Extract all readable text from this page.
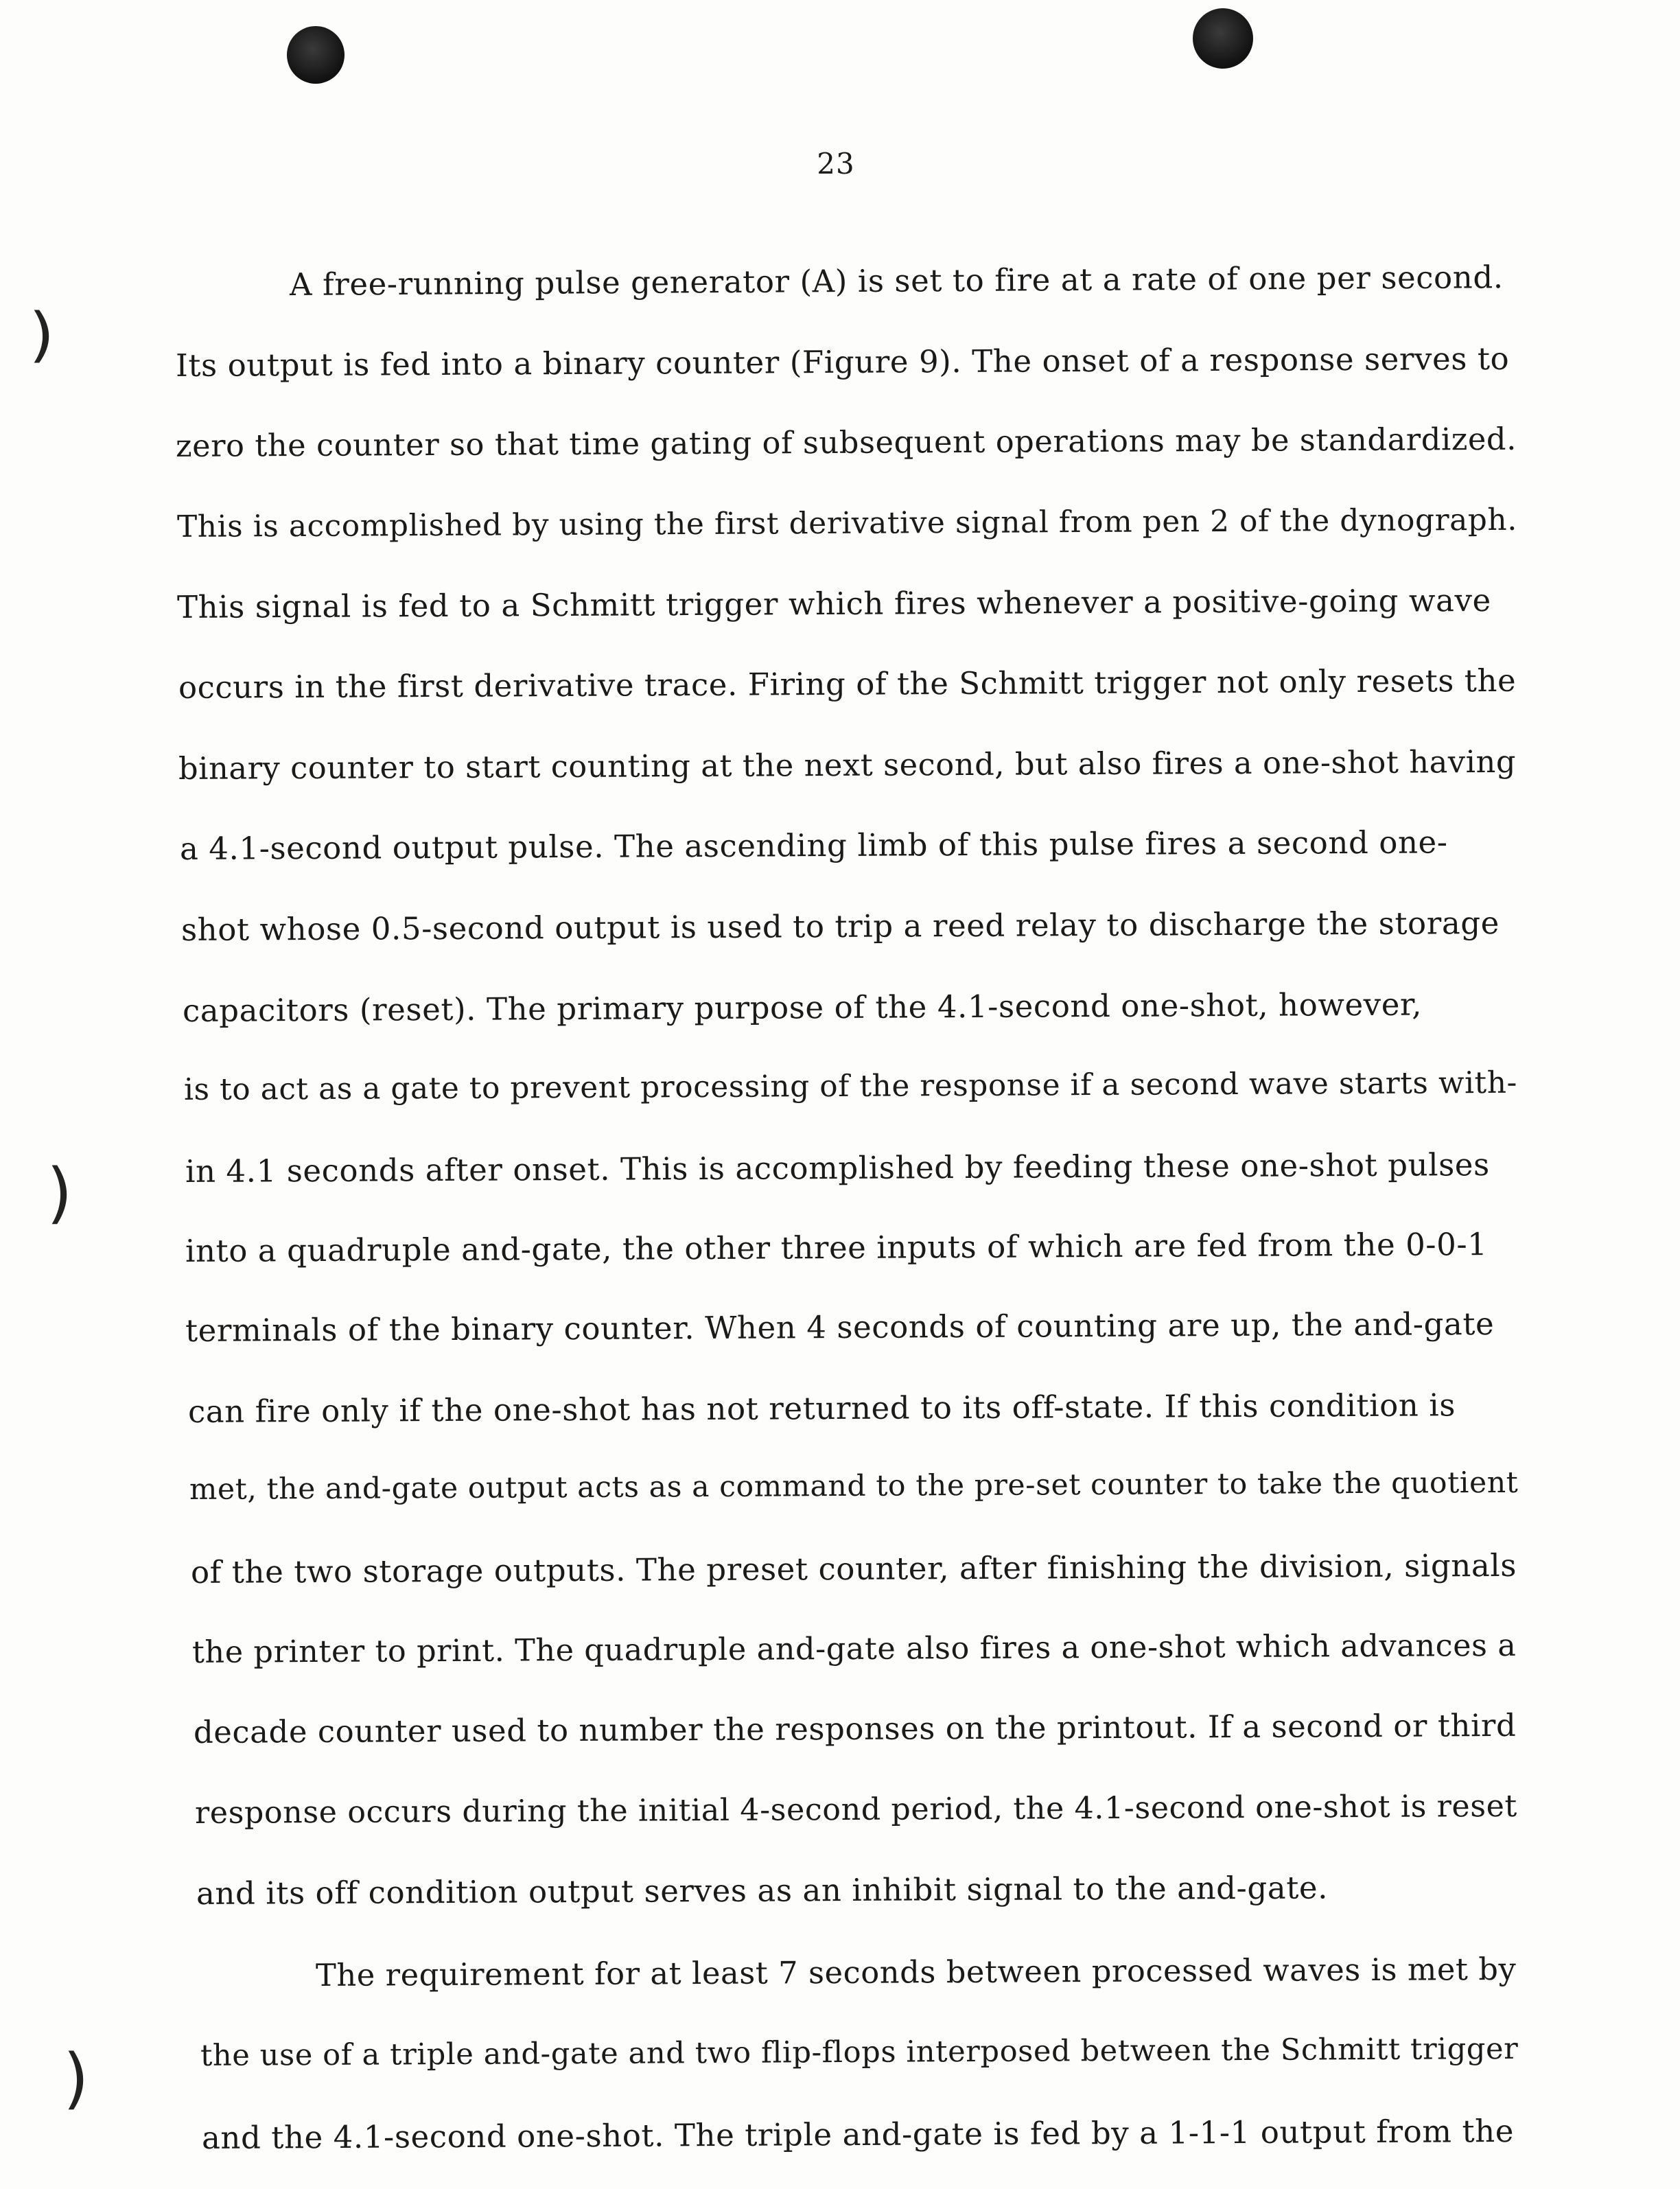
)
)
)
23
A free-running pulse generator (A) is set to fire at a rate of one per second.
Its output is fed into a binary counter (Figure 9). The onset of a response serves to
zero the counter so that time gating of subsequent operations may be standardized.
This is accomplished by using the first derivative signal from pen 2 of the dynograph.
This signal is fed to a Schmitt trigger which fires whenever a positive-going wave
occurs in the first derivative trace. Firing of the Schmitt trigger not only resets the
binary counter to start counting at the next second, but also fires a one-shot having
a 4.1-second output pulse. The ascending limb of this pulse fires a second one-
shot whose 0.5-second output is used to trip a reed relay to discharge the storage
capacitors (reset). The primary purpose of the 4.1-second one-shot, however,
is to act as a gate to prevent processing of the response if a second wave starts with-
in 4.1 seconds after onset. This is accomplished by feeding these one-shot pulses
into a quadruple and-gate, the other three inputs of which are fed from the 0-0-1
terminals of the binary counter. When 4 seconds of counting are up, the and-gate
can fire only if the one-shot has not returned to its off-state. If this condition is
met, the and-gate output acts as a command to the pre-set counter to take the quotient
of the two storage outputs. The preset counter, after finishing the division, signals
the printer to print. The quadruple and-gate also fires a one-shot which advances a
decade counter used to number the responses on the printout. If a second or third
response occurs during the initial 4-second period, the 4.1-second one-shot is reset
and its off condition output serves as an inhibit signal to the and-gate.
The requirement for at least 7 seconds between processed waves is met by
the use of a triple and-gate and two flip-flops interposed between the Schmitt trigger
and the 4.1-second one-shot. The triple and-gate is fed by a 1-1-1 output from the
